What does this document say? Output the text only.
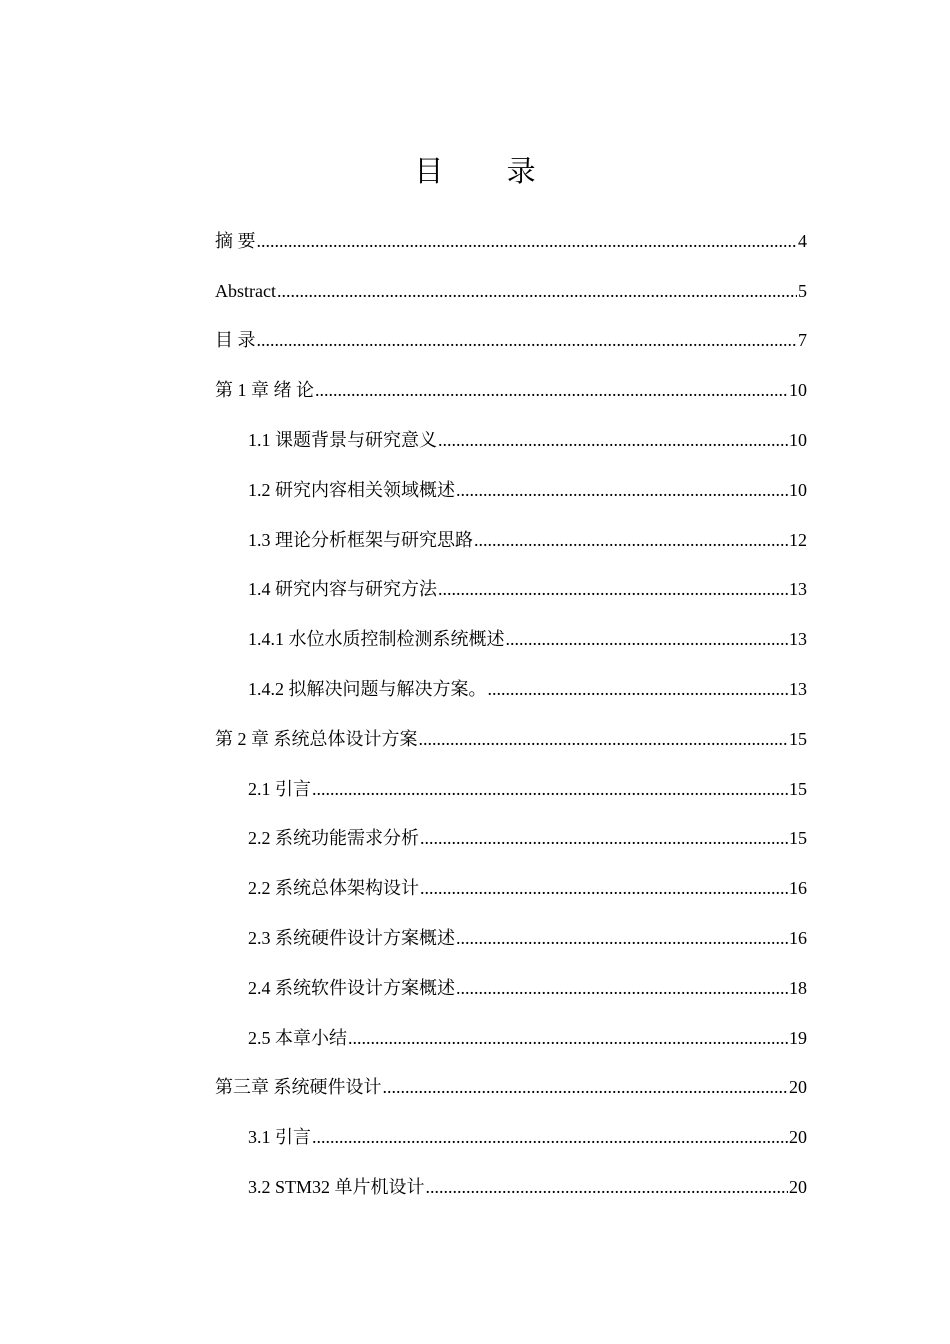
目 录
摘 要 .....	4
Abstract .....	5
目 录 .....	7
第 1 章 绪 论 .....	10
1.1 课题背景与研究意义 .....	10
1.2 研究内容相关领域概述 .....	10
1.3 理论分析框架与研究思路 .....	12
1.4 研究内容与研究方法 .....	13
1.4.1 水位水质控制检测系统概述 .....	13
1.4.2 拟解决问题与解决方案。 .....	13
第 2 章 系统总体设计方案 .....	15
2.1 引言 .....	15
2.2 系统功能需求分析 .....	15
2.2 系统总体架构设计 .....	16
2.3 系统硬件设计方案概述 .....	16
2.4 系统软件设计方案概述 .....	18
2.5 本章小结 .....	19
第三章 系统硬件设计 .....	20
3.1 引言 .....	20
3.2 STM32 单片机设计 .....	20
